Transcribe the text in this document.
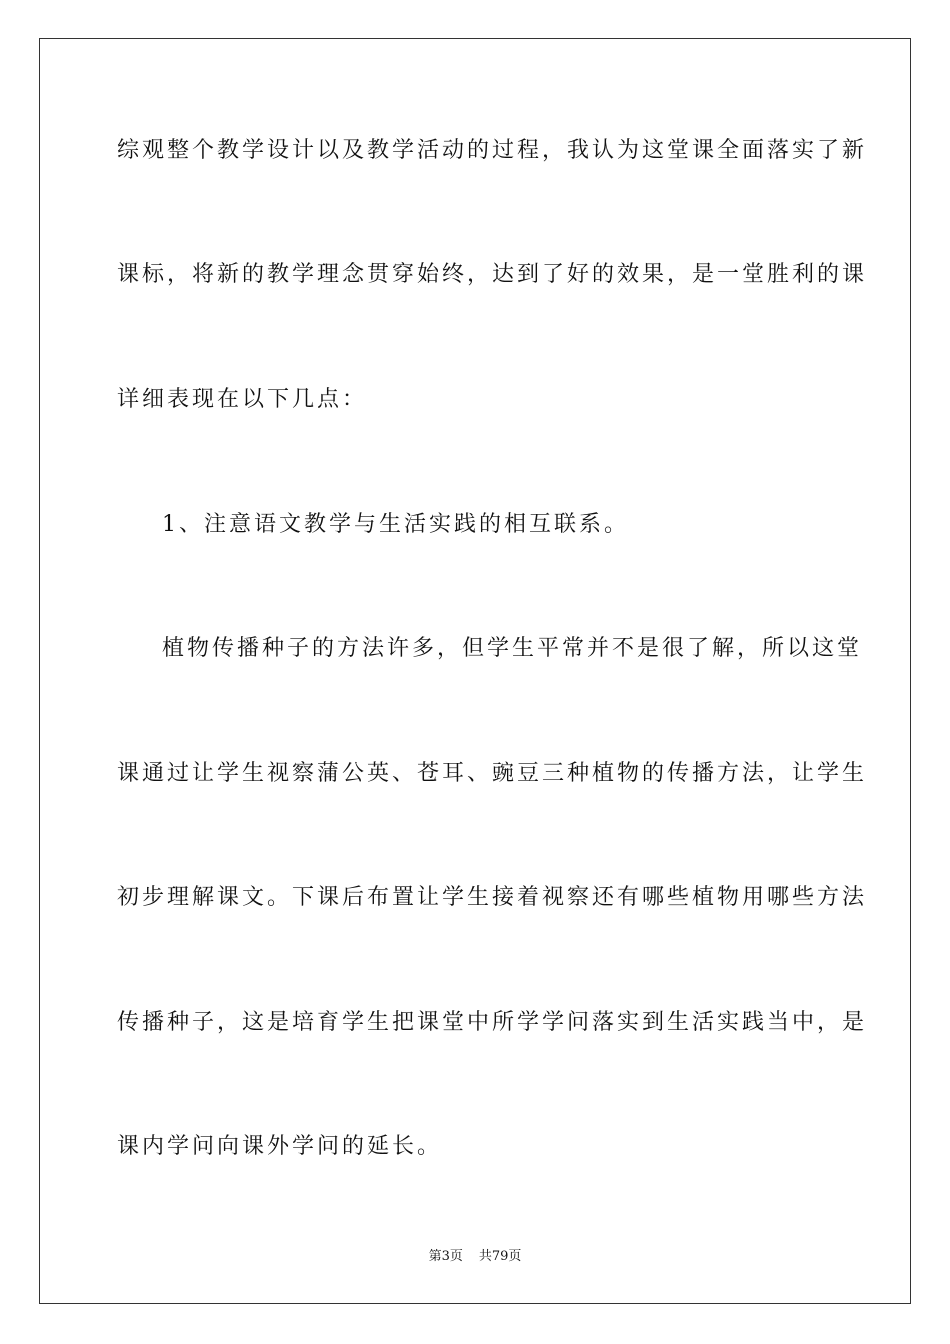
综观整个教学设计以及教学活动的过程，我认为这堂课全面落实了新
课标，将新的教学理念贯穿始终，达到了好的效果，是一堂胜利的课
详细表现在以下几点：
1、注意语文教学与生活实践的相互联系。
植物传播种子的方法许多，但学生平常并不是很了解，所以这堂
课通过让学生视察蒲公英、苍耳、豌豆三种植物的传播方法，让学生
初步理解课文。下课后布置让学生接着视察还有哪些植物用哪些方法
传播种子，这是培育学生把课堂中所学学问落实到生活实践当中，是
课内学问向课外学问的延长。
第3页 共79页
